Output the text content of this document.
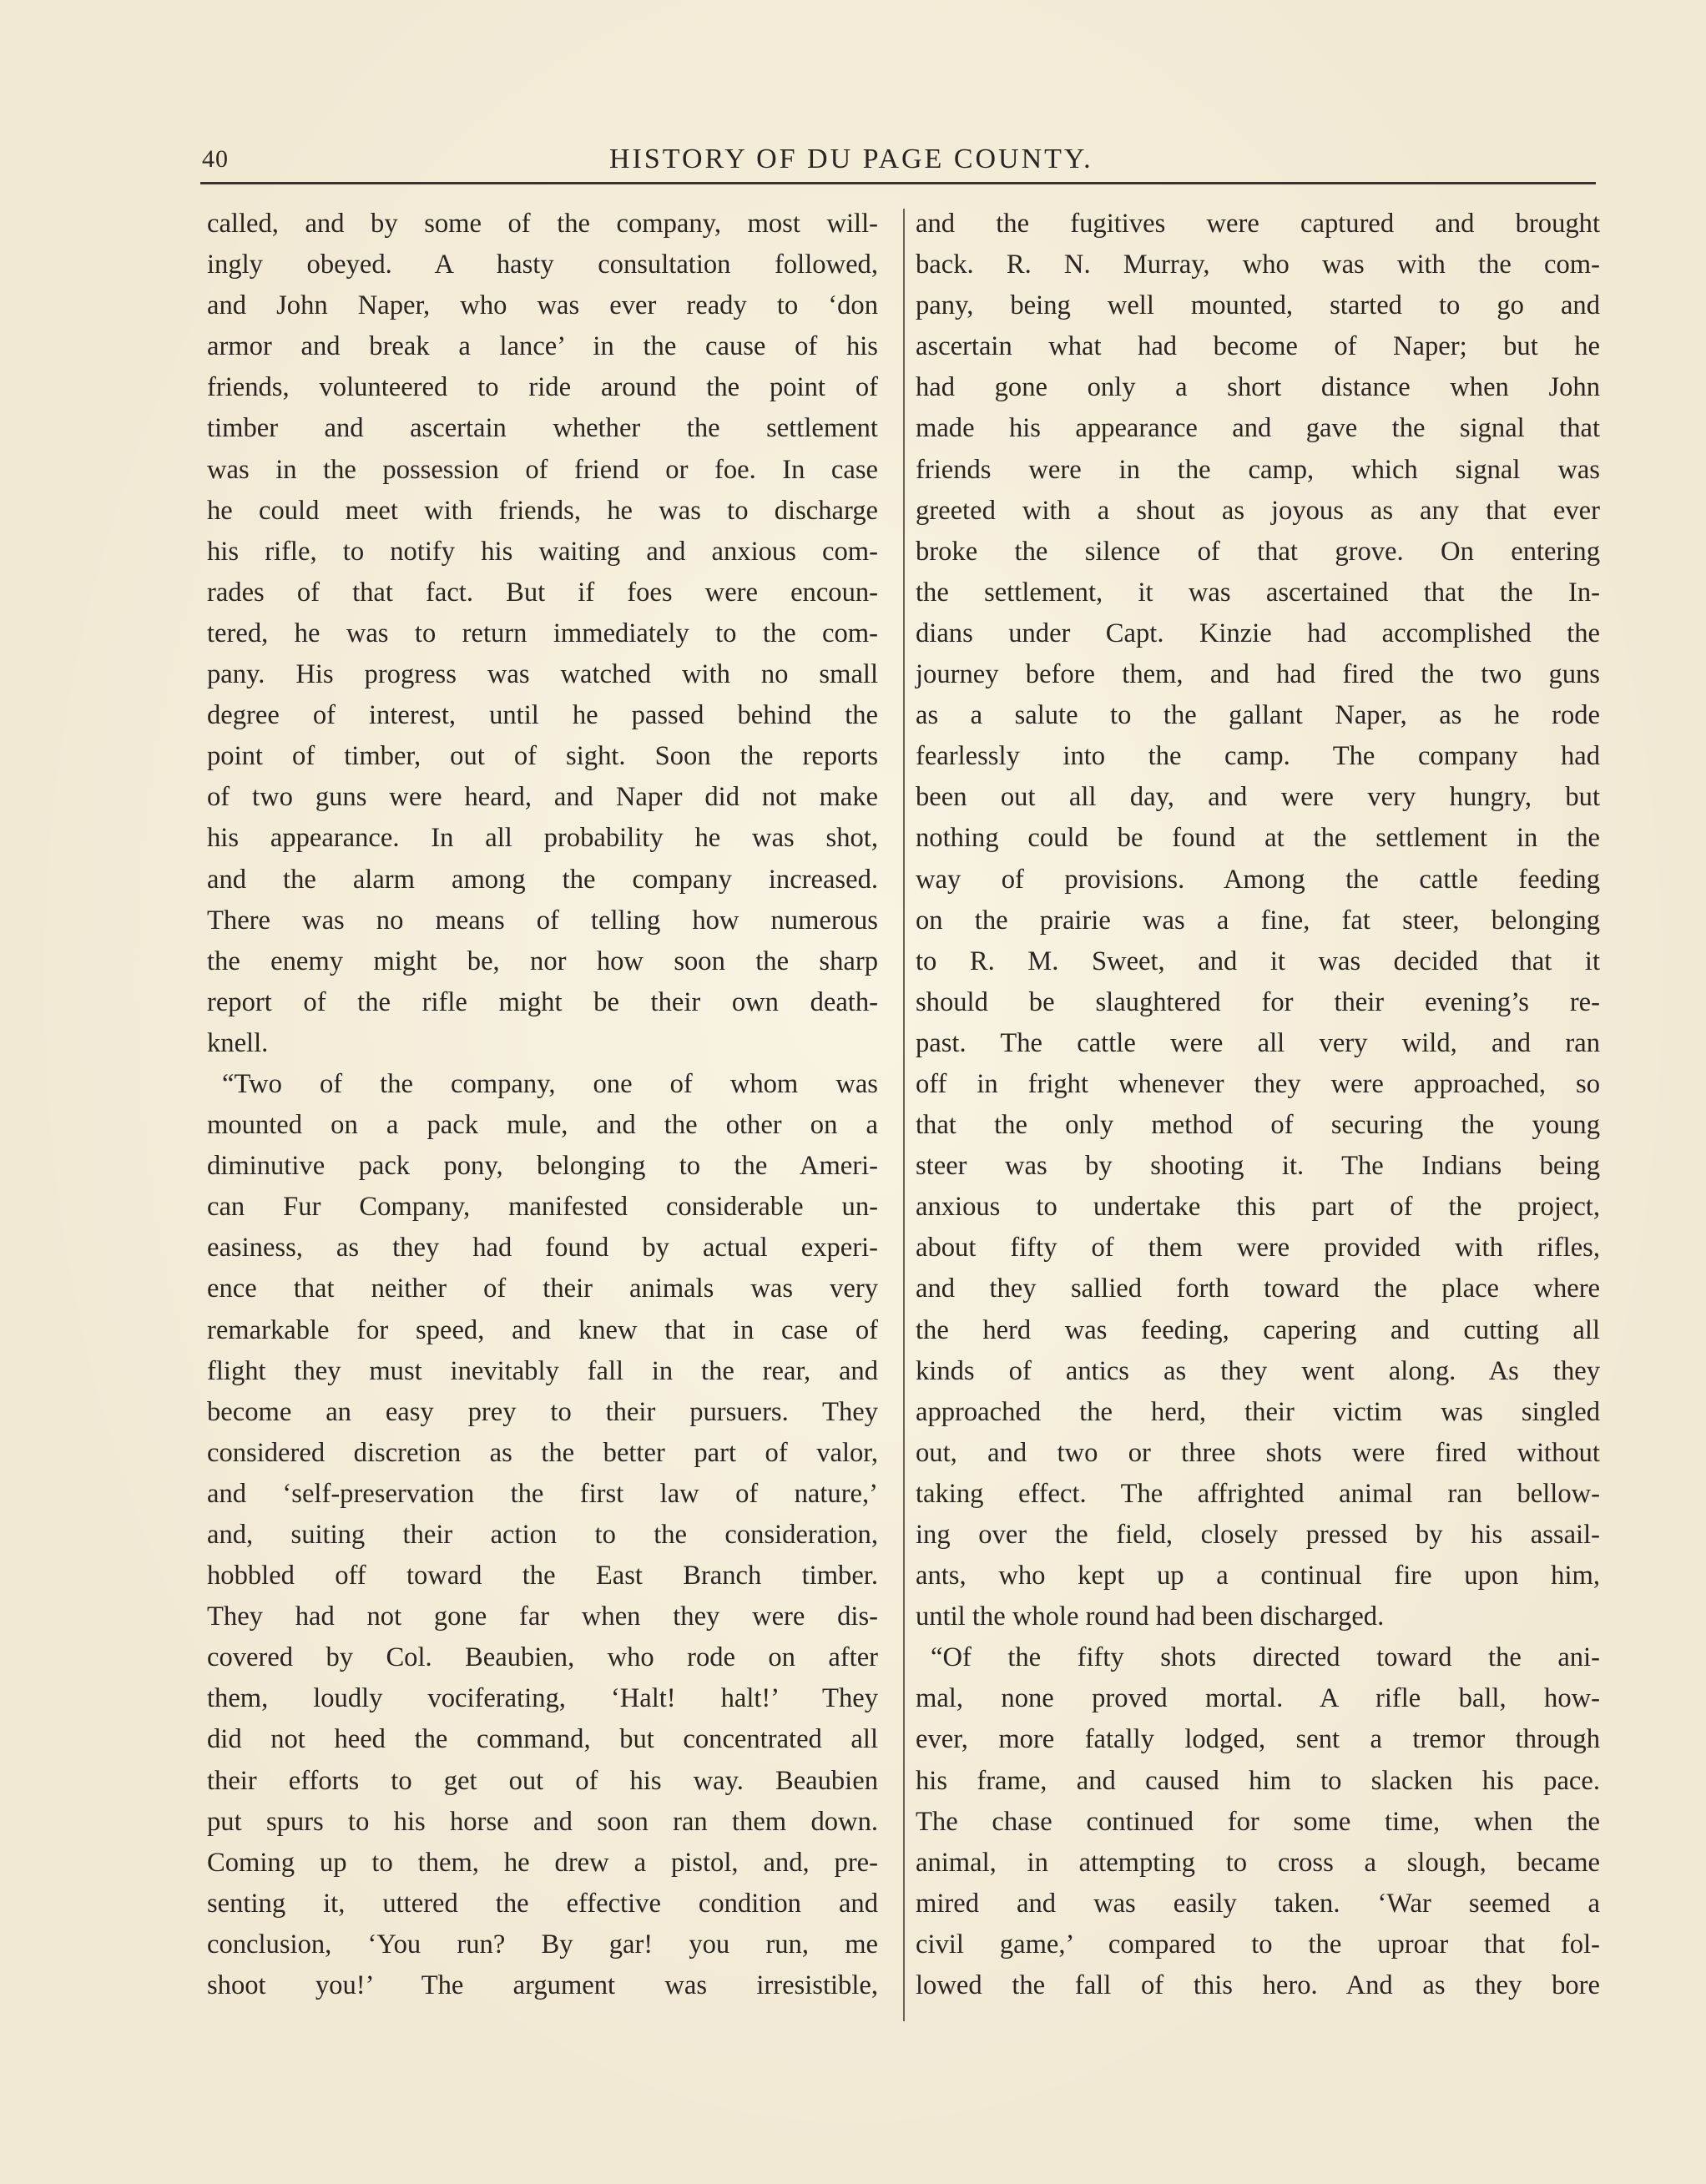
40	HISTORY OF DU PAGE COUNTY.
called, and by some of the company, most will-
ingly obeyed. A hasty consultation followed,
and John Naper, who was ever ready to ‘don
armor and break a lance’ in the cause of his
friends, volunteered to ride around the point of
timber and ascertain whether the settlement
was in the possession of friend or foe. In case
he could meet with friends, he was to discharge
his rifle, to notify his waiting and anxious com-
rades of that fact. But if foes were encoun-
tered, he was to return immediately to the com-
pany. His progress was watched with no small
degree of interest, until he passed behind the
point of timber, out of sight. Soon the reports
of two guns were heard, and Naper did not make
his appearance. In all probability he was shot,
and the alarm among the company increased.
There was no means of telling how numerous
the enemy might be, nor how soon the sharp
report of the rifle might be their own death-
knell.
“Two of the company, one of whom was
mounted on a pack mule, and the other on a
diminutive pack pony, belonging to the Ameri-
can Fur Company, manifested considerable un-
easiness, as they had found by actual experi-
ence that neither of their animals was very
remarkable for speed, and knew that in case of
flight they must inevitably fall in the rear, and
become an easy prey to their pursuers. They
considered discretion as the better part of valor,
and ‘self-preservation the first law of nature,’
and, suiting their action to the consideration,
hobbled off toward the East Branch timber.
They had not gone far when they were dis-
covered by Col. Beaubien, who rode on after
them, loudly vociferating, ‘Halt! halt!’ They
did not heed the command, but concentrated all
their efforts to get out of his way. Beaubien
put spurs to his horse and soon ran them down.
Coming up to them, he drew a pistol, and, pre-
senting it, uttered the effective condition and
conclusion, ‘You run? By gar! you run, me
shoot you!’ The argument was irresistible,
and the fugitives were captured and brought
back. R. N. Murray, who was with the com-
pany, being well mounted, started to go and
ascertain what had become of Naper; but he
had gone only a short distance when John
made his appearance and gave the signal that
friends were in the camp, which signal was
greeted with a shout as joyous as any that ever
broke the silence of that grove. On entering
the settlement, it was ascertained that the In-
dians under Capt. Kinzie had accomplished the
journey before them, and had fired the two guns
as a salute to the gallant Naper, as he rode
fearlessly into the camp. The company had
been out all day, and were very hungry, but
nothing could be found at the settlement in the
way of provisions. Among the cattle feeding
on the prairie was a fine, fat steer, belonging
to R. M. Sweet, and it was decided that it
should be slaughtered for their evening’s re-
past. The cattle were all very wild, and ran
off in fright whenever they were approached, so
that the only method of securing the young
steer was by shooting it. The Indians being
anxious to undertake this part of the project,
about fifty of them were provided with rifles,
and they sallied forth toward the place where
the herd was feeding, capering and cutting all
kinds of antics as they went along. As they
approached the herd, their victim was singled
out, and two or three shots were fired without
taking effect. The affrighted animal ran bellow-
ing over the field, closely pressed by his assail-
ants, who kept up a continual fire upon him,
until the whole round had been discharged.
“Of the fifty shots directed toward the ani-
mal, none proved mortal. A rifle ball, how-
ever, more fatally lodged, sent a tremor through
his frame, and caused him to slacken his pace.
The chase continued for some time, when the
animal, in attempting to cross a slough, became
mired and was easily taken. ‘War seemed a
civil game,’ compared to the uproar that fol-
lowed the fall of this hero. And as they bore
